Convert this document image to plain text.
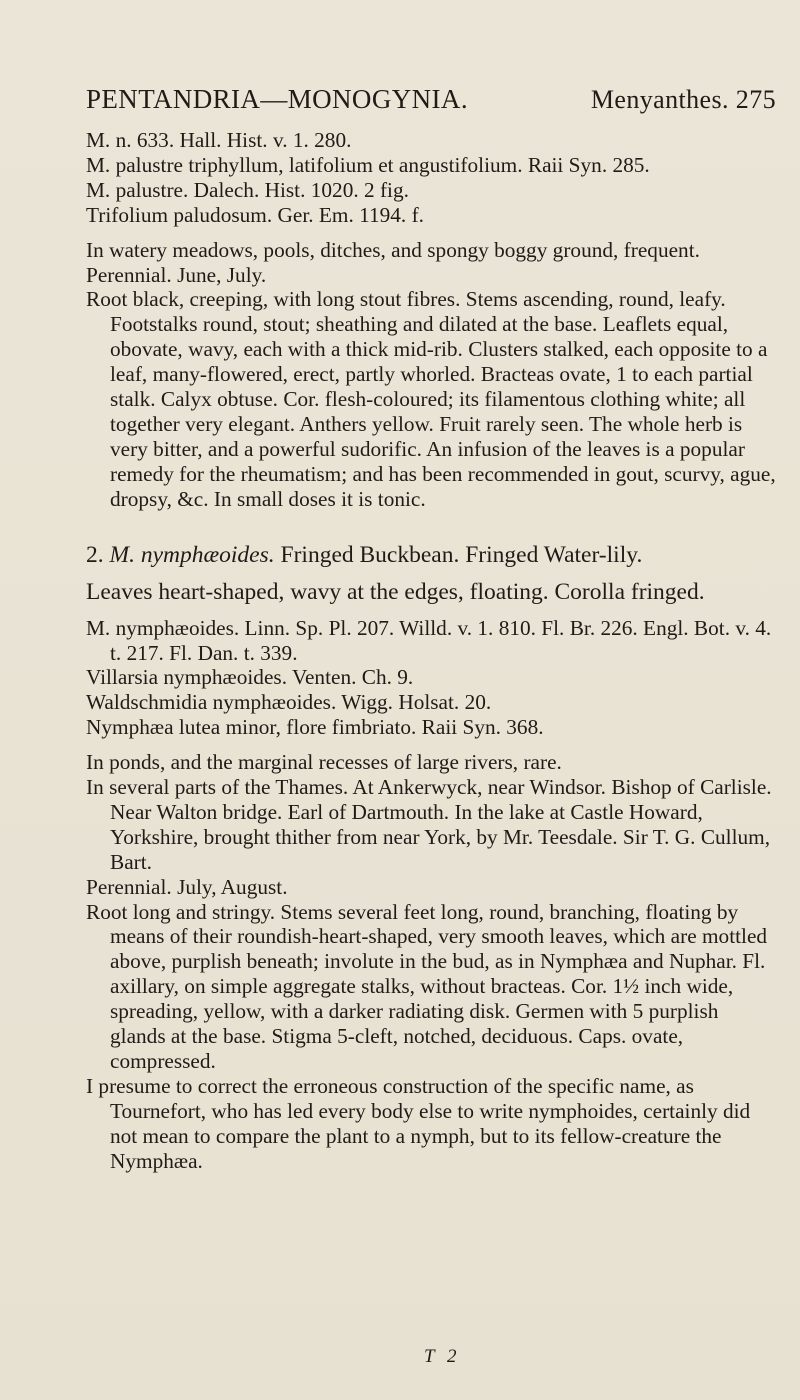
PENTANDRIA—MONOGYNIA.	Menyanthes. 275

M. n. 633. Hall. Hist. v. 1. 280.

M. palustre triphyllum, latifolium et angustifolium. Raii Syn. 285.

M. palustre. Dalech. Hist. 1020. 2 fig.

Trifolium paludosum. Ger. Em. 1194. f.

In watery meadows, pools, ditches, and spongy boggy ground, frequent.

Perennial. June, July.

Root black, creeping, with long stout fibres. Stems ascending, round, leafy. Footstalks round, stout; sheathing and dilated at the base. Leaflets equal, obovate, wavy, each with a thick mid-rib. Clusters stalked, each opposite to a leaf, many-flowered, erect, partly whorled. Bracteas ovate, 1 to each partial stalk. Calyx obtuse. Cor. flesh-coloured; its filamentous clothing white; all together very elegant. Anthers yellow. Fruit rarely seen. The whole herb is very bitter, and a powerful sudorific. An infusion of the leaves is a popular remedy for the rheumatism; and has been recommended in gout, scurvy, ague, dropsy, &c. In small doses it is tonic.

2. M. nymphæoides. Fringed Buckbean. Fringed Water-lily.

Leaves heart-shaped, wavy at the edges, floating. Corolla fringed.

M. nymphæoides. Linn. Sp. Pl. 207. Willd. v. 1. 810. Fl. Br. 226. Engl. Bot. v. 4. t. 217. Fl. Dan. t. 339.

Villarsia nymphæoides. Venten. Ch. 9.

Waldschmidia nymphæoides. Wigg. Holsat. 20.

Nymphæa lutea minor, flore fimbriato. Raii Syn. 368.

In ponds, and the marginal recesses of large rivers, rare.

In several parts of the Thames. At Ankerwyck, near Windsor. Bishop of Carlisle. Near Walton bridge. Earl of Dartmouth. In the lake at Castle Howard, Yorkshire, brought thither from near York, by Mr. Teesdale. Sir T. G. Cullum, Bart.

Perennial. July, August.

Root long and stringy. Stems several feet long, round, branching, floating by means of their roundish-heart-shaped, very smooth leaves, which are mottled above, purplish beneath; involute in the bud, as in Nymphæa and Nuphar. Fl. axillary, on simple aggregate stalks, without bracteas. Cor. 1½ inch wide, spreading, yellow, with a darker radiating disk. Germen with 5 purplish glands at the base. Stigma 5-cleft, notched, deciduous. Caps. ovate, compressed.

I presume to correct the erroneous construction of the specific name, as Tournefort, who has led every body else to write nymphoides, certainly did not mean to compare the plant to a nymph, but to its fellow-creature the Nymphæa.

T 2
